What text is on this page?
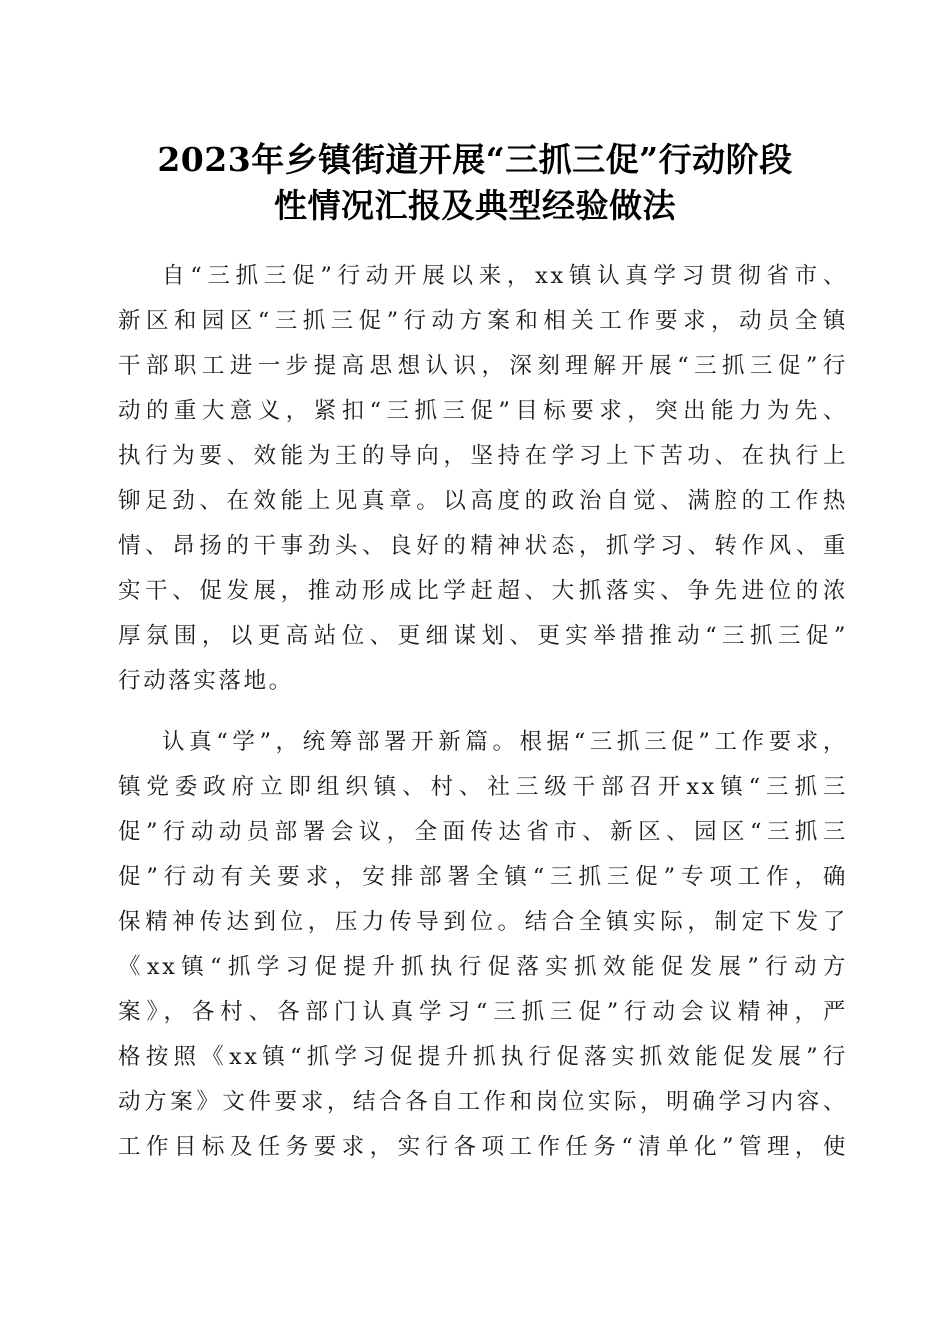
2023年乡镇街道开展“三抓三促”行动阶段
性情况汇报及典型经验做法

自“三抓三促”行动开展以来，xx镇认真学习贯彻省市、

新区和园区“三抓三促”行动方案和相关工作要求，动员全镇

干部职工进一步提高思想认识，深刻理解开展“三抓三促”行

动的重大意义，紧扣“三抓三促”目标要求，突出能力为先、

执行为要、效能为王的导向，坚持在学习上下苦功、在执行上

铆足劲、在效能上见真章。以高度的政治自觉、满腔的工作热

情、昂扬的干事劲头、良好的精神状态，抓学习、转作风、重

实干、促发展，推动形成比学赶超、大抓落实、争先进位的浓

厚氛围，以更高站位、更细谋划、更实举措推动“三抓三促”

行动落实落地。

认真“学”，统筹部署开新篇。根据“三抓三促”工作要求，

镇党委政府立即组织镇、村、社三级干部召开xx镇“三抓三

促”行动动员部署会议，全面传达省市、新区、园区“三抓三

促”行动有关要求，安排部署全镇“三抓三促”专项工作，确

保精神传达到位，压力传导到位。结合全镇实际，制定下发了

《xx镇“抓学习促提升抓执行促落实抓效能促发展”行动方

案》，各村、各部门认真学习“三抓三促”行动会议精神，严

格按照《xx镇“抓学习促提升抓执行促落实抓效能促发展”行

动方案》文件要求，结合各自工作和岗位实际，明确学习内容、

工作目标及任务要求，实行各项工作任务“清单化”管理，使
